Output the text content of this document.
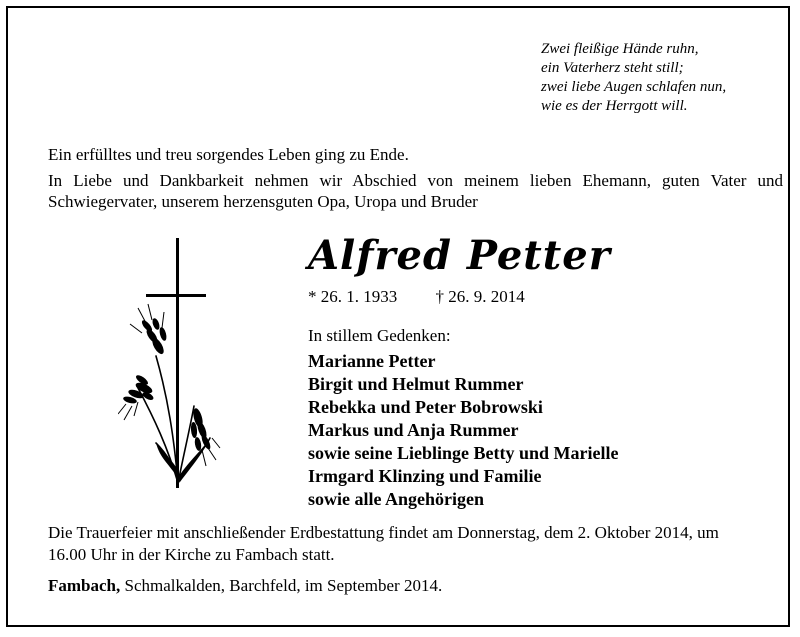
Zwei fleißige Hände ruhn,
ein Vaterherz steht still;
zwei liebe Augen schlafen nun,
wie es der Herrgott will.

Ein erfülltes und treu sorgendes Leben ging zu Ende.

In Liebe und Dankbarkeit nehmen wir Abschied von meinem lieben Ehemann, guten Vater und Schwiegervater, unserem herzensguten Opa, Uropa und Bruder

Alfred Petter
* 26. 1. 1933 † 26. 9. 2014
In stillem Gedenken:
Marianne Petter
Birgit und Helmut Rummer
Rebekka und Peter Bobrowski
Markus und Anja Rummer
sowie seine Lieblinge Betty und Marielle
Irmgard Klinzing und Familie
sowie alle Angehörigen
Die Trauerfeier mit anschließender Erdbestattung findet am Donnerstag, dem 2. Oktober 2014, um 16.00 Uhr in der Kirche zu Fambach statt.
Fambach, Schmalkalden, Barchfeld, im September 2014.
